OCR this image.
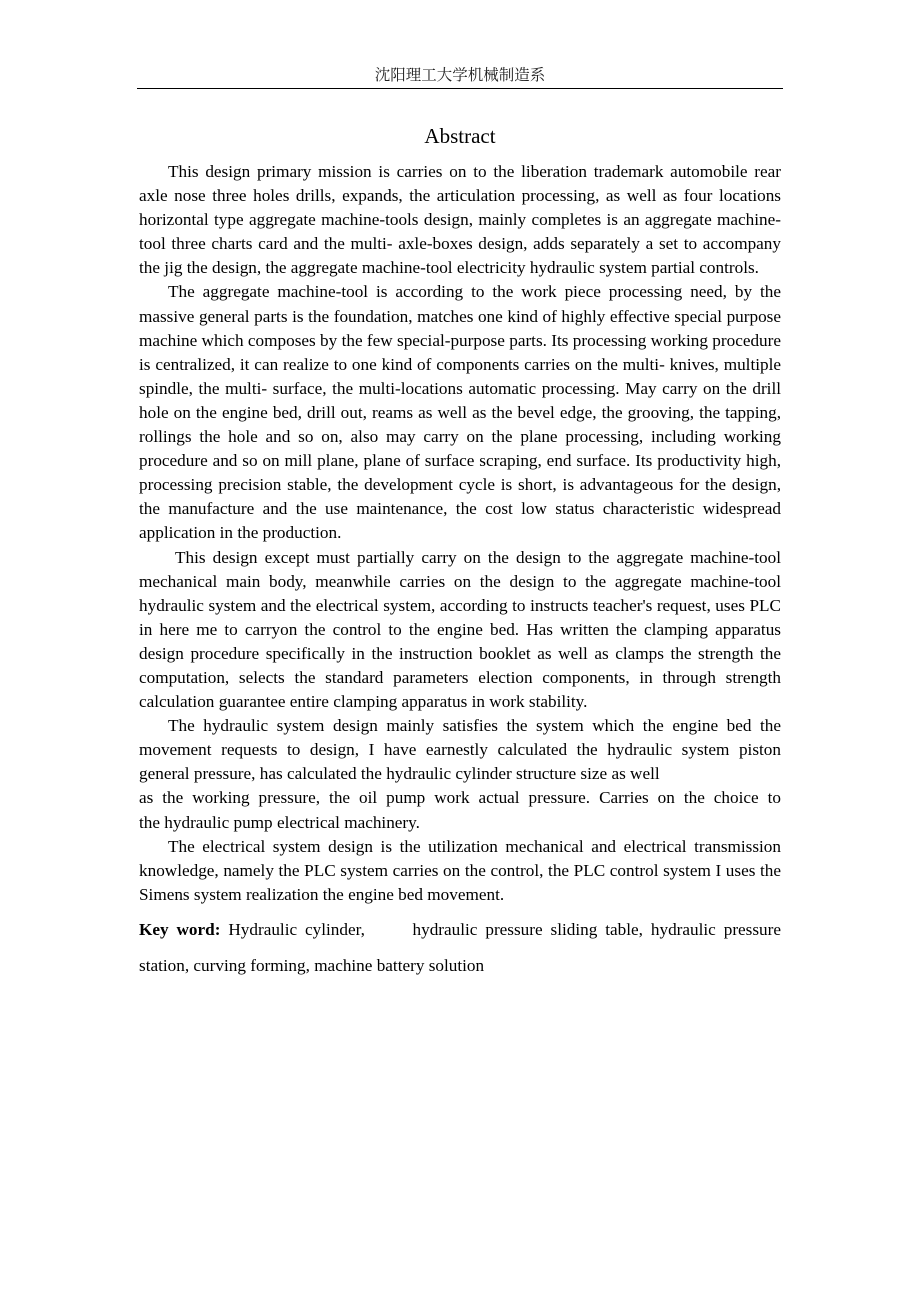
沈阳理工大学机械制造系
Abstract

This design primary mission is carries on to the liberation trademark automobile rear axle nose three holes drills, expands, the articulation processing, as well as four locations horizontal type aggregate machine-tools design, mainly completes is an aggregate machine-tool three charts card and the multi- axle-boxes design, adds separately a set to accompany the jig the design, the aggregate machine-tool electricity hydraulic system partial controls.

The aggregate machine-tool is according to the work piece processing need, by the massive general parts is the foundation, matches one kind of highly effective special purpose machine which composes by the few special-purpose parts. Its processing working procedure is centralized, it can realize to one kind of components carries on the multi- knives, multiple spindle, the multi- surface, the multi-locations automatic processing. May carry on the drill hole on the engine bed, drill out, reams as well as the bevel edge, the grooving, the tapping, rollings the hole and so on, also may carry on the plane processing, including working procedure and so on mill plane, plane of surface scraping, end surface. Its productivity high, processing precision stable, the development cycle is short, is advantageous for the design, the manufacture and the use maintenance, the cost low status characteristic widespread application in the production.

This design except must partially carry on the design to the aggregate machine-tool mechanical main body, meanwhile carries on the design to the aggregate machine-tool hydraulic system and the electrical system, according to instructs teacher's request, uses PLC in here me to carryon the control to the engine bed. Has written the clamping apparatus design procedure specifically in the instruction booklet as well as clamps the strength the computation, selects the standard parameters election components, in through strength calculation guarantee entire clamping apparatus in work stability.

The hydraulic system design mainly satisfies the system which the engine bed the
movement requests to design, I have earnestly calculated the hydraulic system piston
general pressure, has calculated the hydraulic cylinder structure size as well
as the working pressure, the oil pump work actual pressure. Carries on the choice to
the hydraulic pump electrical machinery.

The electrical system design is the utilization mechanical and electrical transmission knowledge, namely the PLC system carries on the control, the PLC control system I uses the Simens system realization the engine bed movement.

Key word: Hydraulic cylinder,      hydraulic pressure sliding table, hydraulic pressure station, curving forming, machine battery solution
